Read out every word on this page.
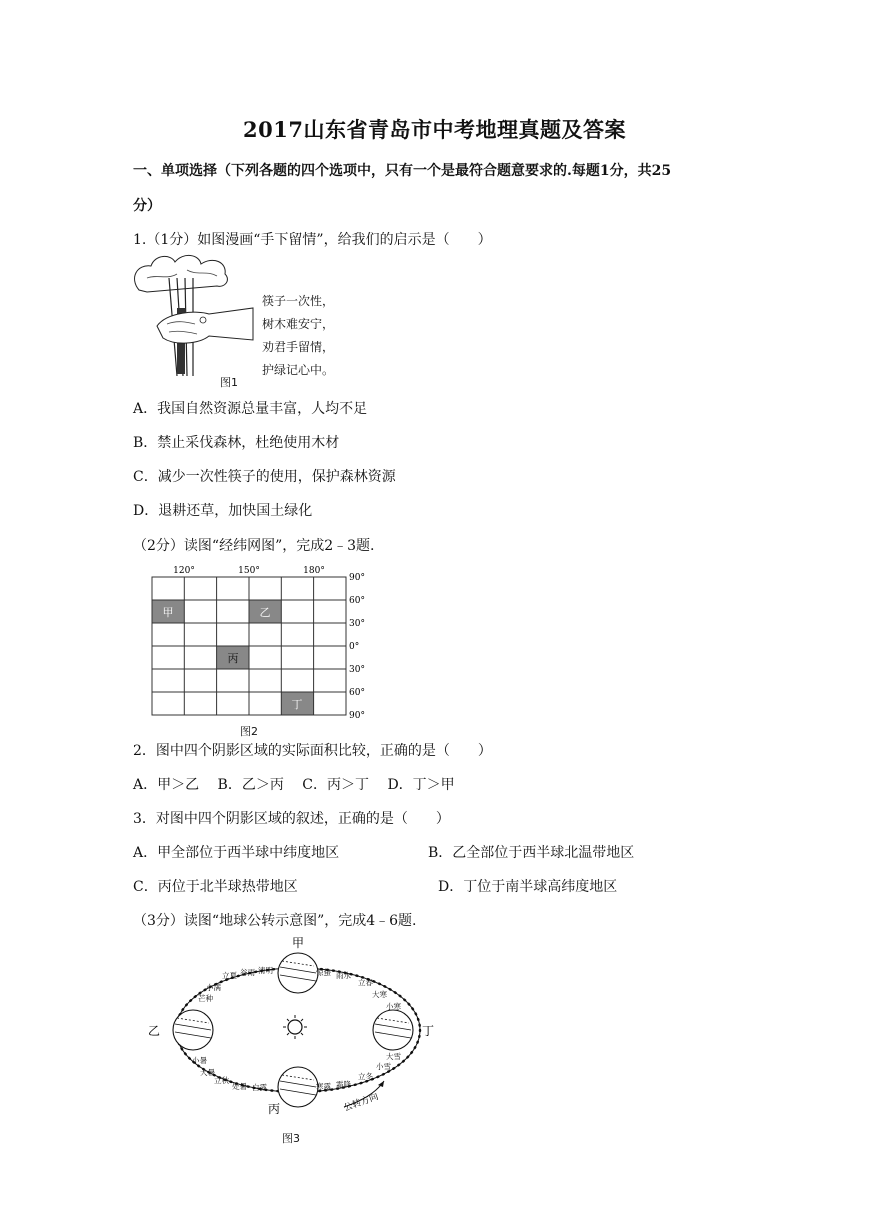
2017山东省青岛市中考地理真题及答案
一、单项选择（下列各题的四个选项中，只有一个是最符合题意要求的.每题1分，共25
分）
1.（1分）如图漫画“手下留情”，给我们的启示是（　　）
筷子一次性，
树木难安宁，
劝君手留情，
护绿记心中。
图1
A．我国自然资源总量丰富，人均不足
B．禁止采伐森林，杜绝使用木材
C．减少一次性筷子的使用，保护森林资源
D．退耕还草，加快国土绿化
（2分）读图“经纬网图”，完成2﹣3题.
甲	乙
丙
丁
120°	150°	180°
90°
60°
30°
0°
30°
60°
90°
图2
2．图中四个阴影区域的实际面积比较，正确的是（　　）
A．甲＞乙　 B．乙＞丙　 C．丙＞丁　 D．丁＞甲
3．对图中四个阴影区域的叙述，正确的是（　　）
A．甲全部位于西半球中纬度地区	B．乙全部位于西半球北温带地区
C．丙位于北半球热带地区	D．丁位于南半球高纬度地区
（3分）读图“地球公转示意图”，完成4﹣6题.
甲
乙
丙
丁
立夏 谷雨 清明	惊蛰 雨水
立春
小满
芒种	大寒
小寒
小暑
大暑
立秋
处暑 白露	寒露 霜降
立冬
小雪
大雪
公转方向
图3
